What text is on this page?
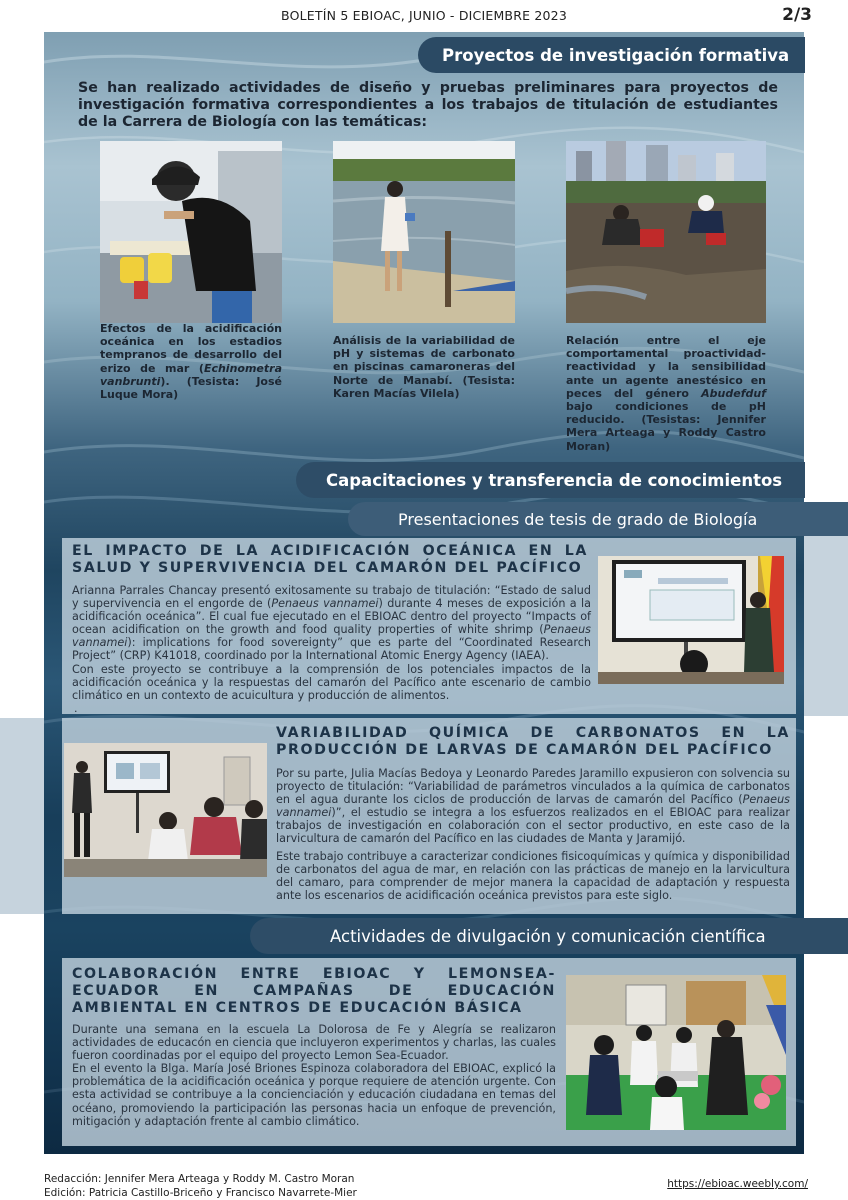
BOLETÍN 5 EBIOAC, JUNIO - DICIEMBRE 2023	2/3
Proyectos de investigación formativa
Se han realizado actividades de diseño y pruebas preliminares para proyectos de investigación formativa correspondientes a los trabajos de titulación de estudiantes de la Carrera de Biología con las temáticas:
Efectos de la acidificación oceánica en los estadios tempranos de desarrollo del erizo de mar (Echinometra vanbrunti). (Tesista: José Luque Mora)
Análisis de la variabilidad de pH y sistemas de carbonato en piscinas camaroneras del Norte de Manabí. (Tesista: Karen Macías Vilela)
Relación entre el eje comportamental proactividad-reactividad y la sensibilidad ante un agente anestésico en peces del género Abudefduf bajo condiciones de pH reducido. (Tesistas: Jennifer Mera Arteaga y Roddy Castro Moran)
Capacitaciones y transferencia de conocimientos
Presentaciones de tesis de grado de Biología
EL IMPACTO DE LA ACIDIFICACIÓN OCEÁNICA EN LA SALUD Y SUPERVIVENCIA DEL CAMARÓN DEL PACÍFICO

Arianna Parrales Chancay presentó exitosamente su trabajo de titulación: “Estado de salud y supervivencia en el engorde de (Penaeus vannamei) durante 4 meses de exposición a la acidificación oceánica”. El cual fue ejecutado en el EBIOAC dentro del proyecto “Impacts of ocean acidification on the growth and food quality properties of white shrimp (Penaeus vannamei): implications for food sovereignty” que es parte del “Coordinated Research Project” (CRP) K41018, coordinado por la International Atomic Energy Agency (IAEA).

Con este proyecto se contribuye a la comprensión de los potenciales impactos de la acidificación oceánica y la respuestas del camarón del Pacífico ante escenario de cambio climático en un contexto de acuicultura y producción de alimentos.

.
VARIABILIDAD QUÍMICA DE CARBONATOS EN LA PRODUCCIÓN DE LARVAS DE CAMARÓN DEL PACÍFICO

Por su parte, Julia Macías Bedoya y Leonardo Paredes Jaramillo expusieron con solvencia su proyecto de titulación: “Variabilidad de parámetros vinculados a la química de carbonatos en el agua durante los ciclos de producción de larvas de camarón del Pacífico (Penaeus vannamei)”, el estudio se integra a los esfuerzos realizados en el EBIOAC para realizar trabajos de investigación en colaboración con el sector productivo, en este caso de la larvicultura de camarón del Pacífico en las ciudades de Manta y Jaramijó.

Este trabajo contribuye a caracterizar condiciones fisicoquímicas y química y disponibilidad de carbonatos del agua de mar, en relación con las prácticas de manejo en la larvicultura del camaro, para comprender de mejor manera la capacidad de adaptación y respuesta ante los escenarios de acidificación oceánica previstos para este siglo.

Actividades de divulgación y comunicación científica
COLABORACIÓN ENTRE EBIOAC Y LEMONSEA-ECUADOR EN CAMPAÑAS DE EDUCACIÓN AMBIENTAL EN CENTROS DE EDUCACIÓN BÁSICA

Durante una semana en la escuela La Dolorosa de Fe y Alegría se realizaron actividades de educacón en ciencia que incluyeron experimentos y charlas, las cuales fueron coordinadas por el equipo del proyecto Lemon Sea-Ecuador.

En el evento la Blga. María José Briones Espinoza colaboradora del EBIOAC, explicó la problemática de la acidificación oceánica y porque requiere de atención urgente. Con esta actividad se contribuye a la concienciación y educación ciudadana en temas del océano, promoviendo la participación las personas hacia un enfoque de prevención, mitigación y adaptación frente al cambio climático.

Redacción: Jennifer Mera Arteaga y Roddy M. Castro Moran
Edición: Patricia Castillo-Briceño y Francisco Navarrete-Mier
https://ebioac.weebly.com/
